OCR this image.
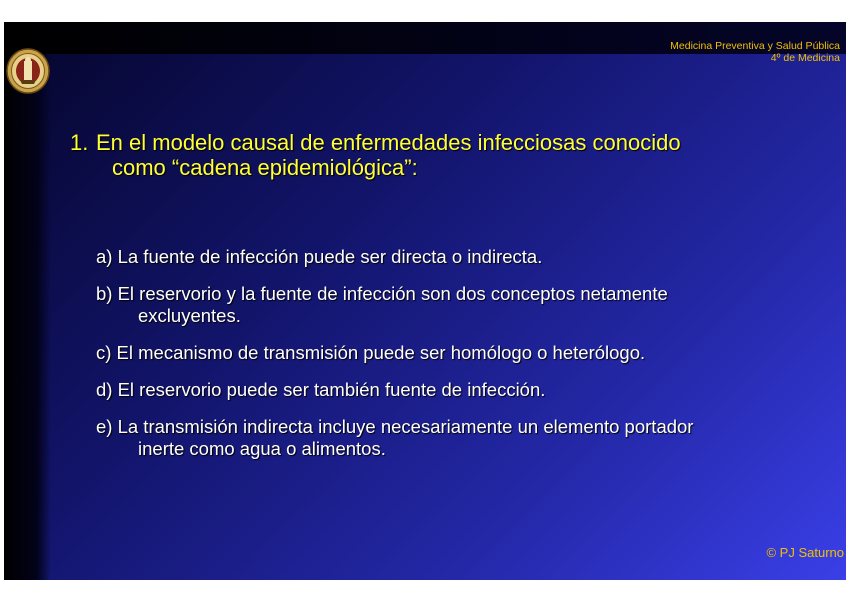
Medicina Preventiva y Salud Pública
4º de Medicina
1. En el modelo causal de enfermedades infecciosas conocido
como “cadena epidemiológica”:
a) La fuente de infección puede ser directa o indirecta.
b) El reservorio y la fuente de infección son dos conceptos netamente
excluyentes.
c) El mecanismo de transmisión puede ser homólogo o heterólogo.
d) El reservorio puede ser también fuente de infección.
e) La transmisión indirecta incluye necesariamente un elemento portador
inerte como agua o alimentos.
© PJ Saturno
